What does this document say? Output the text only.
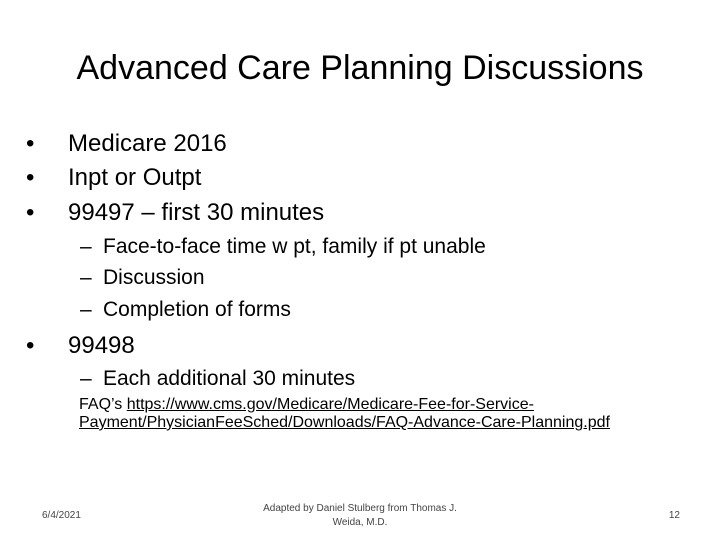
Advanced Care Planning Discussions
• Medicare 2016
• Inpt or Outpt
• 99497 – first 30 minutes
– Face-to-face time w pt, family if pt unable
– Discussion
– Completion of forms
• 99498
– Each additional 30 minutes
FAQ’s https://www.cms.gov/Medicare/Medicare-Fee-for-Service-Payment/PhysicianFeeSched/Downloads/FAQ-Advance-Care-Planning.pdf
6/4/2021
Adapted by Daniel Stulberg from Thomas J.
Weida, M.D.
12
